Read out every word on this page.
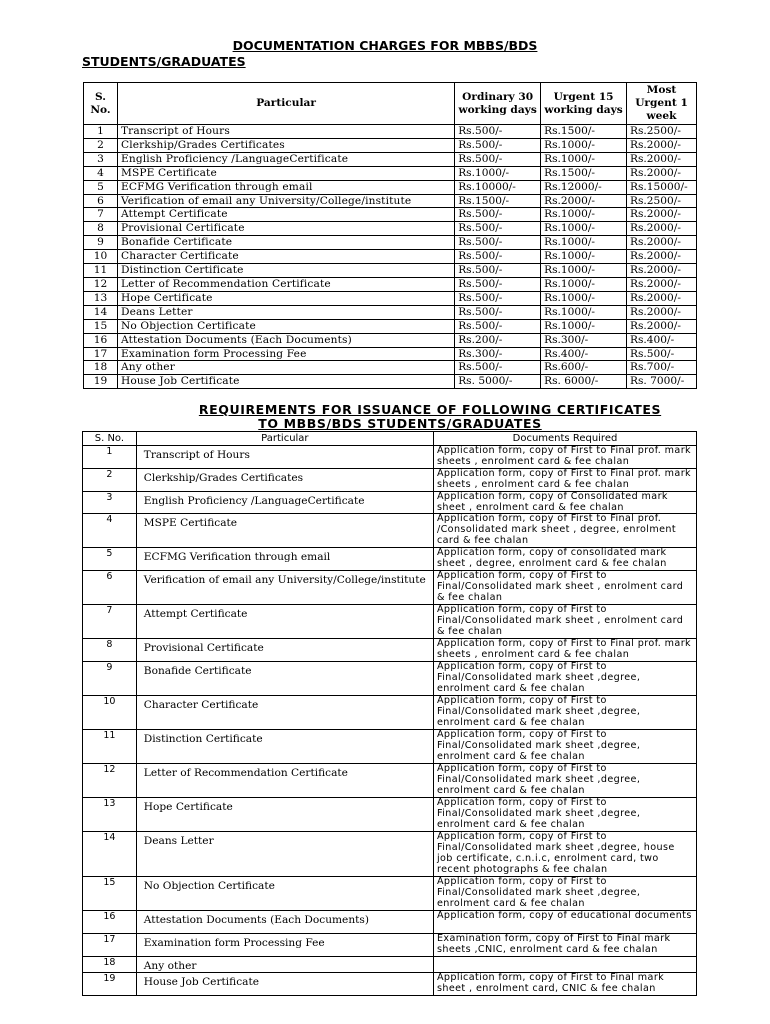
DOCUMENTATION CHARGES FOR MBBS/BDS
STUDENTS/GRADUATES
S. No.	Particular	Ordinary 30 working days	Urgent 15 working days	Most Urgent 1 week
1	Transcript of Hours	Rs.500/-	Rs.1500/-	Rs.2500/-
2	Clerkship/Grades Certificates	Rs.500/-	Rs.1000/-	Rs.2000/-
3	English Proficiency /LanguageCertificate	Rs.500/-	Rs.1000/-	Rs.2000/-
4	MSPE Certificate	Rs.1000/-	Rs.1500/-	Rs.2000/-
5	ECFMG Verification through email	Rs.10000/-	Rs.12000/-	Rs.15000/-
6	Verification of email any University/College/institute	Rs.1500/-	Rs.2000/-	Rs.2500/-
7	Attempt Certificate	Rs.500/-	Rs.1000/-	Rs.2000/-
8	Provisional Certificate	Rs.500/-	Rs.1000/-	Rs.2000/-
9	Bonafide Certificate	Rs.500/-	Rs.1000/-	Rs.2000/-
10	Character Certificate	Rs.500/-	Rs.1000/-	Rs.2000/-
11	Distinction Certificate	Rs.500/-	Rs.1000/-	Rs.2000/-
12	Letter of Recommendation Certificate	Rs.500/-	Rs.1000/-	Rs.2000/-
13	Hope Certificate	Rs.500/-	Rs.1000/-	Rs.2000/-
14	Deans Letter	Rs.500/-	Rs.1000/-	Rs.2000/-
15	No Objection Certificate	Rs.500/-	Rs.1000/-	Rs.2000/-
16	Attestation Documents (Each Documents)	Rs.200/-	Rs.300/-	Rs.400/-
17	Examination form Processing Fee	Rs.300/-	Rs.400/-	Rs.500/-
18	Any other	Rs.500/-	Rs.600/-	Rs.700/-
19	House Job Certificate	Rs. 5000/-	Rs. 6000/-	Rs. 7000/-
REQUIREMENTS FOR ISSUANCE OF FOLLOWING CERTIFICATES
TO MBBS/BDS STUDENTS/GRADUATES
S. No.	Particular	Documents Required
1	Transcript of Hours	Application form, copy of First to Final prof. mark sheets , enrolment card & fee chalan
2	Clerkship/Grades Certificates	Application form, copy of First to Final prof. mark sheets , enrolment card & fee chalan
3	English Proficiency /LanguageCertificate	Application form, copy of Consolidated mark sheet , enrolment card & fee chalan
4	MSPE Certificate	Application form, copy of First to Final prof. /Consolidated mark sheet , degree, enrolment card & fee chalan
5	ECFMG Verification through email	Application form, copy of consolidated mark sheet , degree, enrolment card & fee chalan
6	Verification of email any University/College/institute	Application form, copy of First to Final/Consolidated mark sheet , enrolment card & fee chalan
7	Attempt Certificate	Application form, copy of First to Final/Consolidated mark sheet , enrolment card & fee chalan
8	Provisional Certificate	Application form, copy of First to Final prof. mark sheets , enrolment card & fee chalan
9	Bonafide Certificate	Application form, copy of First to Final/Consolidated mark sheet ,degree, enrolment card & fee chalan
10	Character Certificate	Application form, copy of First to Final/Consolidated mark sheet ,degree, enrolment card & fee chalan
11	Distinction Certificate	Application form, copy of First to Final/Consolidated mark sheet ,degree, enrolment card & fee chalan
12	Letter of Recommendation Certificate	Application form, copy of First to Final/Consolidated mark sheet ,degree, enrolment card & fee chalan
13	Hope Certificate	Application form, copy of First to Final/Consolidated mark sheet ,degree, enrolment card & fee chalan
14	Deans Letter	Application form, copy of First to Final/Consolidated mark sheet ,degree, house job certificate, c.n.i.c, enrolment card, two recent photographs & fee chalan
15	No Objection Certificate	Application form, copy of First to Final/Consolidated mark sheet ,degree, enrolment card & fee chalan
16	Attestation Documents (Each Documents)	Application form, copy of educational documents
17	Examination form Processing Fee	Examination form, copy of First to Final mark sheets ,CNIC, enrolment card & fee chalan
18	Any other	
19	House Job Certificate	Application form, copy of First to Final mark sheet , enrolment card, CNIC & fee chalan
